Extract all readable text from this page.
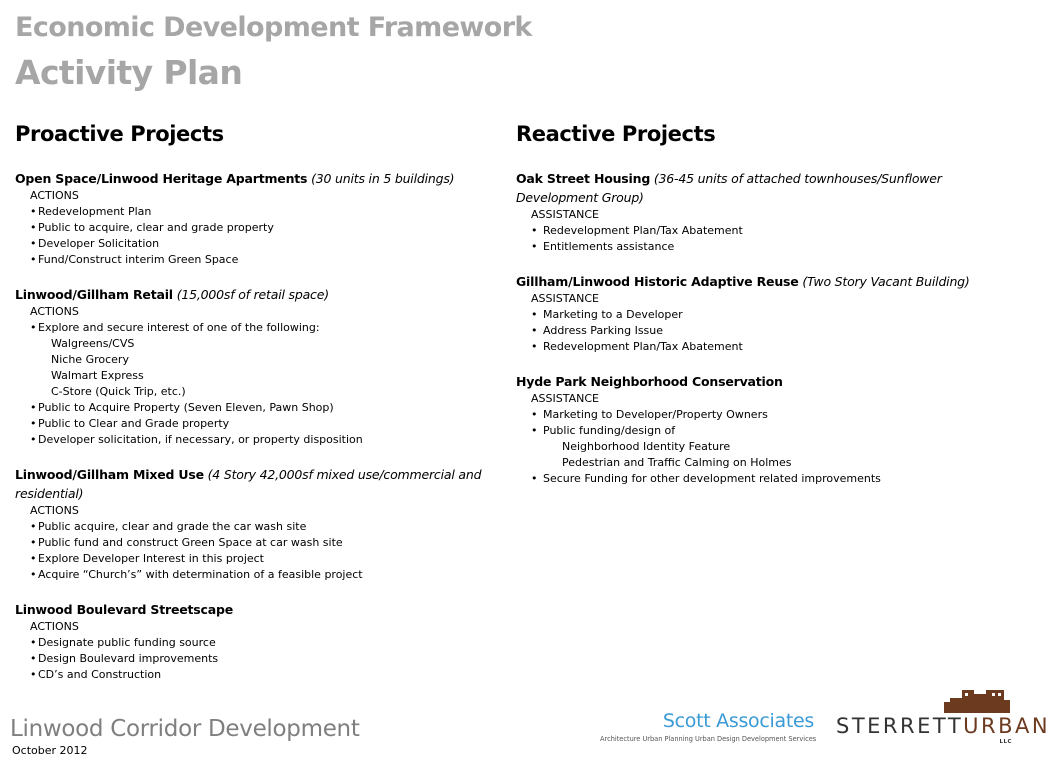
Economic Development Framework
Activity Plan
Proactive Projects
Open Space/Linwood Heritage Apartments (30 units in 5 buildings)
ACTIONS
• Redevelopment Plan
• Public to acquire, clear and grade property
• Developer Solicitation
• Fund/Construct interim Green Space
Linwood/Gillham Retail (15,000sf of retail space)
ACTIONS
• Explore and secure interest of one of the following:
Walgreens/CVS
Niche Grocery
Walmart Express
C-Store (Quick Trip, etc.)
• Public to Acquire Property (Seven Eleven, Pawn Shop)
• Public to Clear and Grade property
• Developer solicitation, if necessary, or property disposition
Linwood/Gillham Mixed Use (4 Story 42,000sf mixed use/commercial and residential)
ACTIONS
• Public acquire, clear and grade the car wash site
• Public fund and construct Green Space at car wash site
• Explore Developer Interest in this project
• Acquire “Church’s” with determination of a feasible project
Linwood Boulevard Streetscape
ACTIONS
• Designate public funding source
• Design Boulevard improvements
• CD’s and Construction
Reactive Projects
Oak Street Housing (36-45 units of attached townhouses/Sunflower Development Group)
ASSISTANCE
• Redevelopment Plan/Tax Abatement
• Entitlements assistance
Gillham/Linwood Historic Adaptive Reuse (Two Story Vacant Building)
ASSISTANCE
• Marketing to a Developer
• Address Parking Issue
• Redevelopment Plan/Tax Abatement
Hyde Park Neighborhood Conservation
ASSISTANCE
• Marketing to Developer/Property Owners
• Public funding/design of
Neighborhood Identity Feature
Pedestrian and Traffic Calming on Holmes
• Secure Funding for other development related improvements
Linwood Corridor Development
October 2012
Scott Associates
Architecture Urban Planning Urban Design Development Services
STERRETTURBAN
LLC
